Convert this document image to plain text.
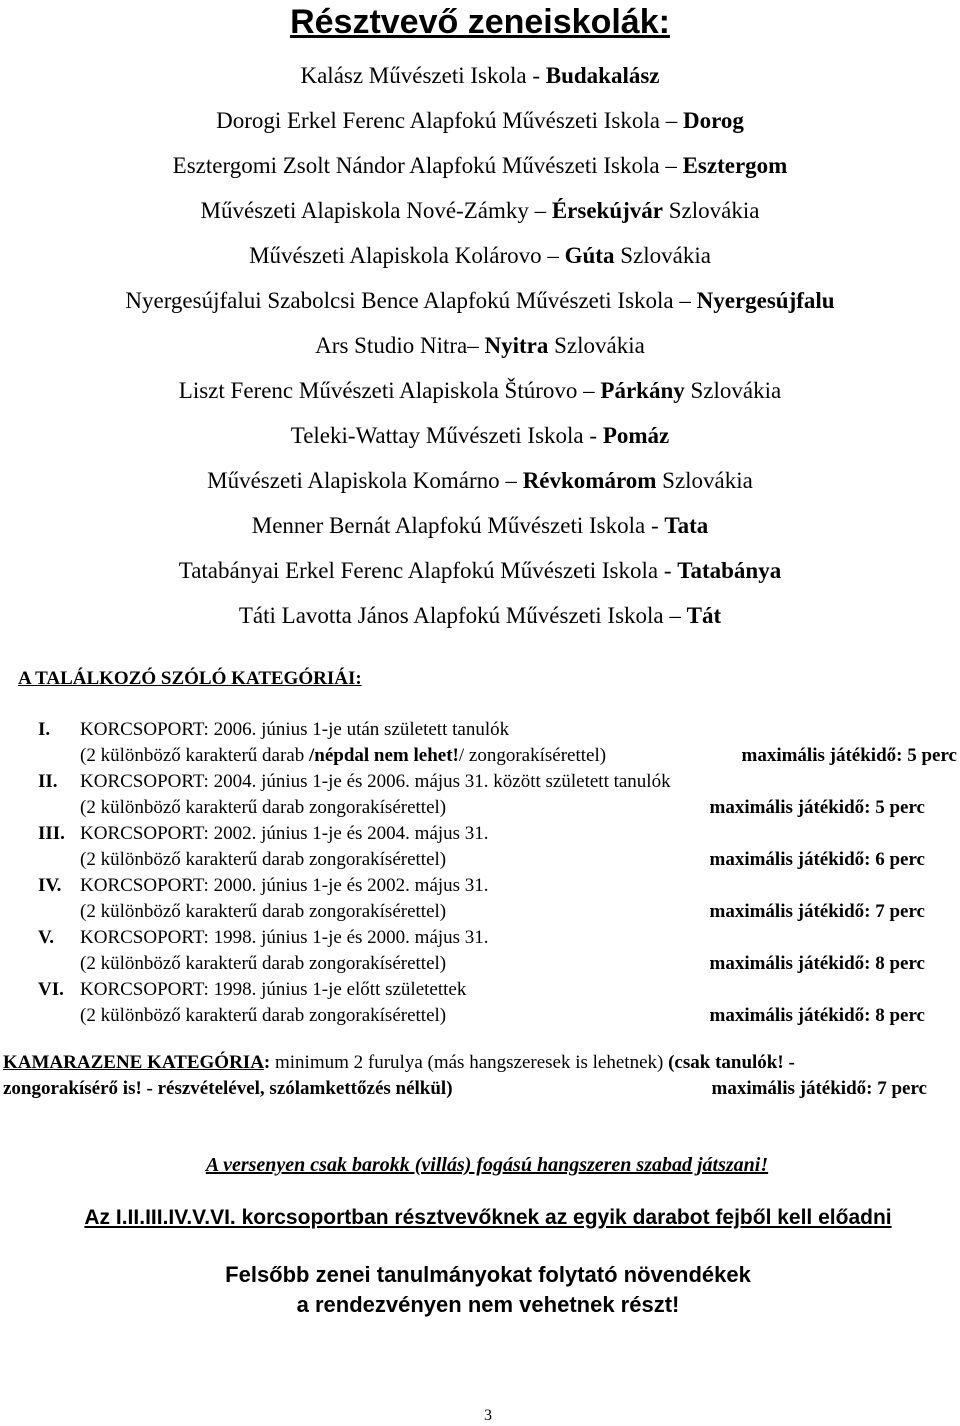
Résztvevő zeneiskolák:
Kalász Művészeti Iskola - Budakalász
Dorogi Erkel Ferenc Alapfokú Művészeti Iskola – Dorog
Esztergomi Zsolt Nándor Alapfokú Művészeti Iskola – Esztergom
Művészeti Alapiskola Nové-Zámky – Érsekújvár Szlovákia
Művészeti Alapiskola Kolárovo – Gúta Szlovákia
Nyergesújfalui Szabolcsi Bence Alapfokú Művészeti Iskola – Nyergesújfalu
Ars Studio Nitra– Nyitra Szlovákia
Liszt Ferenc Művészeti Alapiskola Štúrovo – Párkány Szlovákia
Teleki-Wattay Művészeti Iskola - Pomáz
Művészeti Alapiskola Komárno – Révkomárom Szlovákia
Menner Bernát Alapfokú Művészeti Iskola - Tata
Tatabányai Erkel Ferenc Alapfokú Művészeti Iskola - Tatabánya
Táti Lavotta János Alapfokú Művészeti Iskola – Tát
A TALÁLKOZÓ SZÓLÓ KATEGÓRIÁI:
I. KORCSOPORT: 2006. június 1-je után született tanulók
(2 különböző karakterű darab /népdal nem lehet!/ zongorakísérettel)	maximális játékidő: 5 perc
II. KORCSOPORT: 2004. június 1-je és 2006. május 31. között született tanulók
(2 különböző karakterű darab zongorakísérettel)	maximális játékidő: 5 perc
III. KORCSOPORT: 2002. június 1-je és 2004. május 31.
(2 különböző karakterű darab zongorakísérettel)	maximális játékidő: 6 perc
IV. KORCSOPORT: 2000. június 1-je és 2002. május 31.
(2 különböző karakterű darab zongorakísérettel)	maximális játékidő: 7 perc
V. KORCSOPORT: 1998. június 1-je és 2000. május 31.
(2 különböző karakterű darab zongorakísérettel)	maximális játékidő: 8 perc
VI. KORCSOPORT: 1998. június 1-je előtt születettek
(2 különböző karakterű darab zongorakísérettel)	maximális játékidő: 8 perc
KAMARAZENE KATEGÓRIA: minimum 2 furulya (más hangszeresek is lehetnek) (csak tanulók! -
zongorakísérő is! - részvételével, szólamkettőzés nélkül)	maximális játékidő: 7 perc
A versenyen csak barokk (villás) fogású hangszeren szabad játszani!
Az I.II.III.IV.V.VI. korcsoportban résztvevőknek az egyik darabot fejből kell előadni
Felsőbb zenei tanulmányokat folytató növendékek
a rendezvényen nem vehetnek részt!
3
